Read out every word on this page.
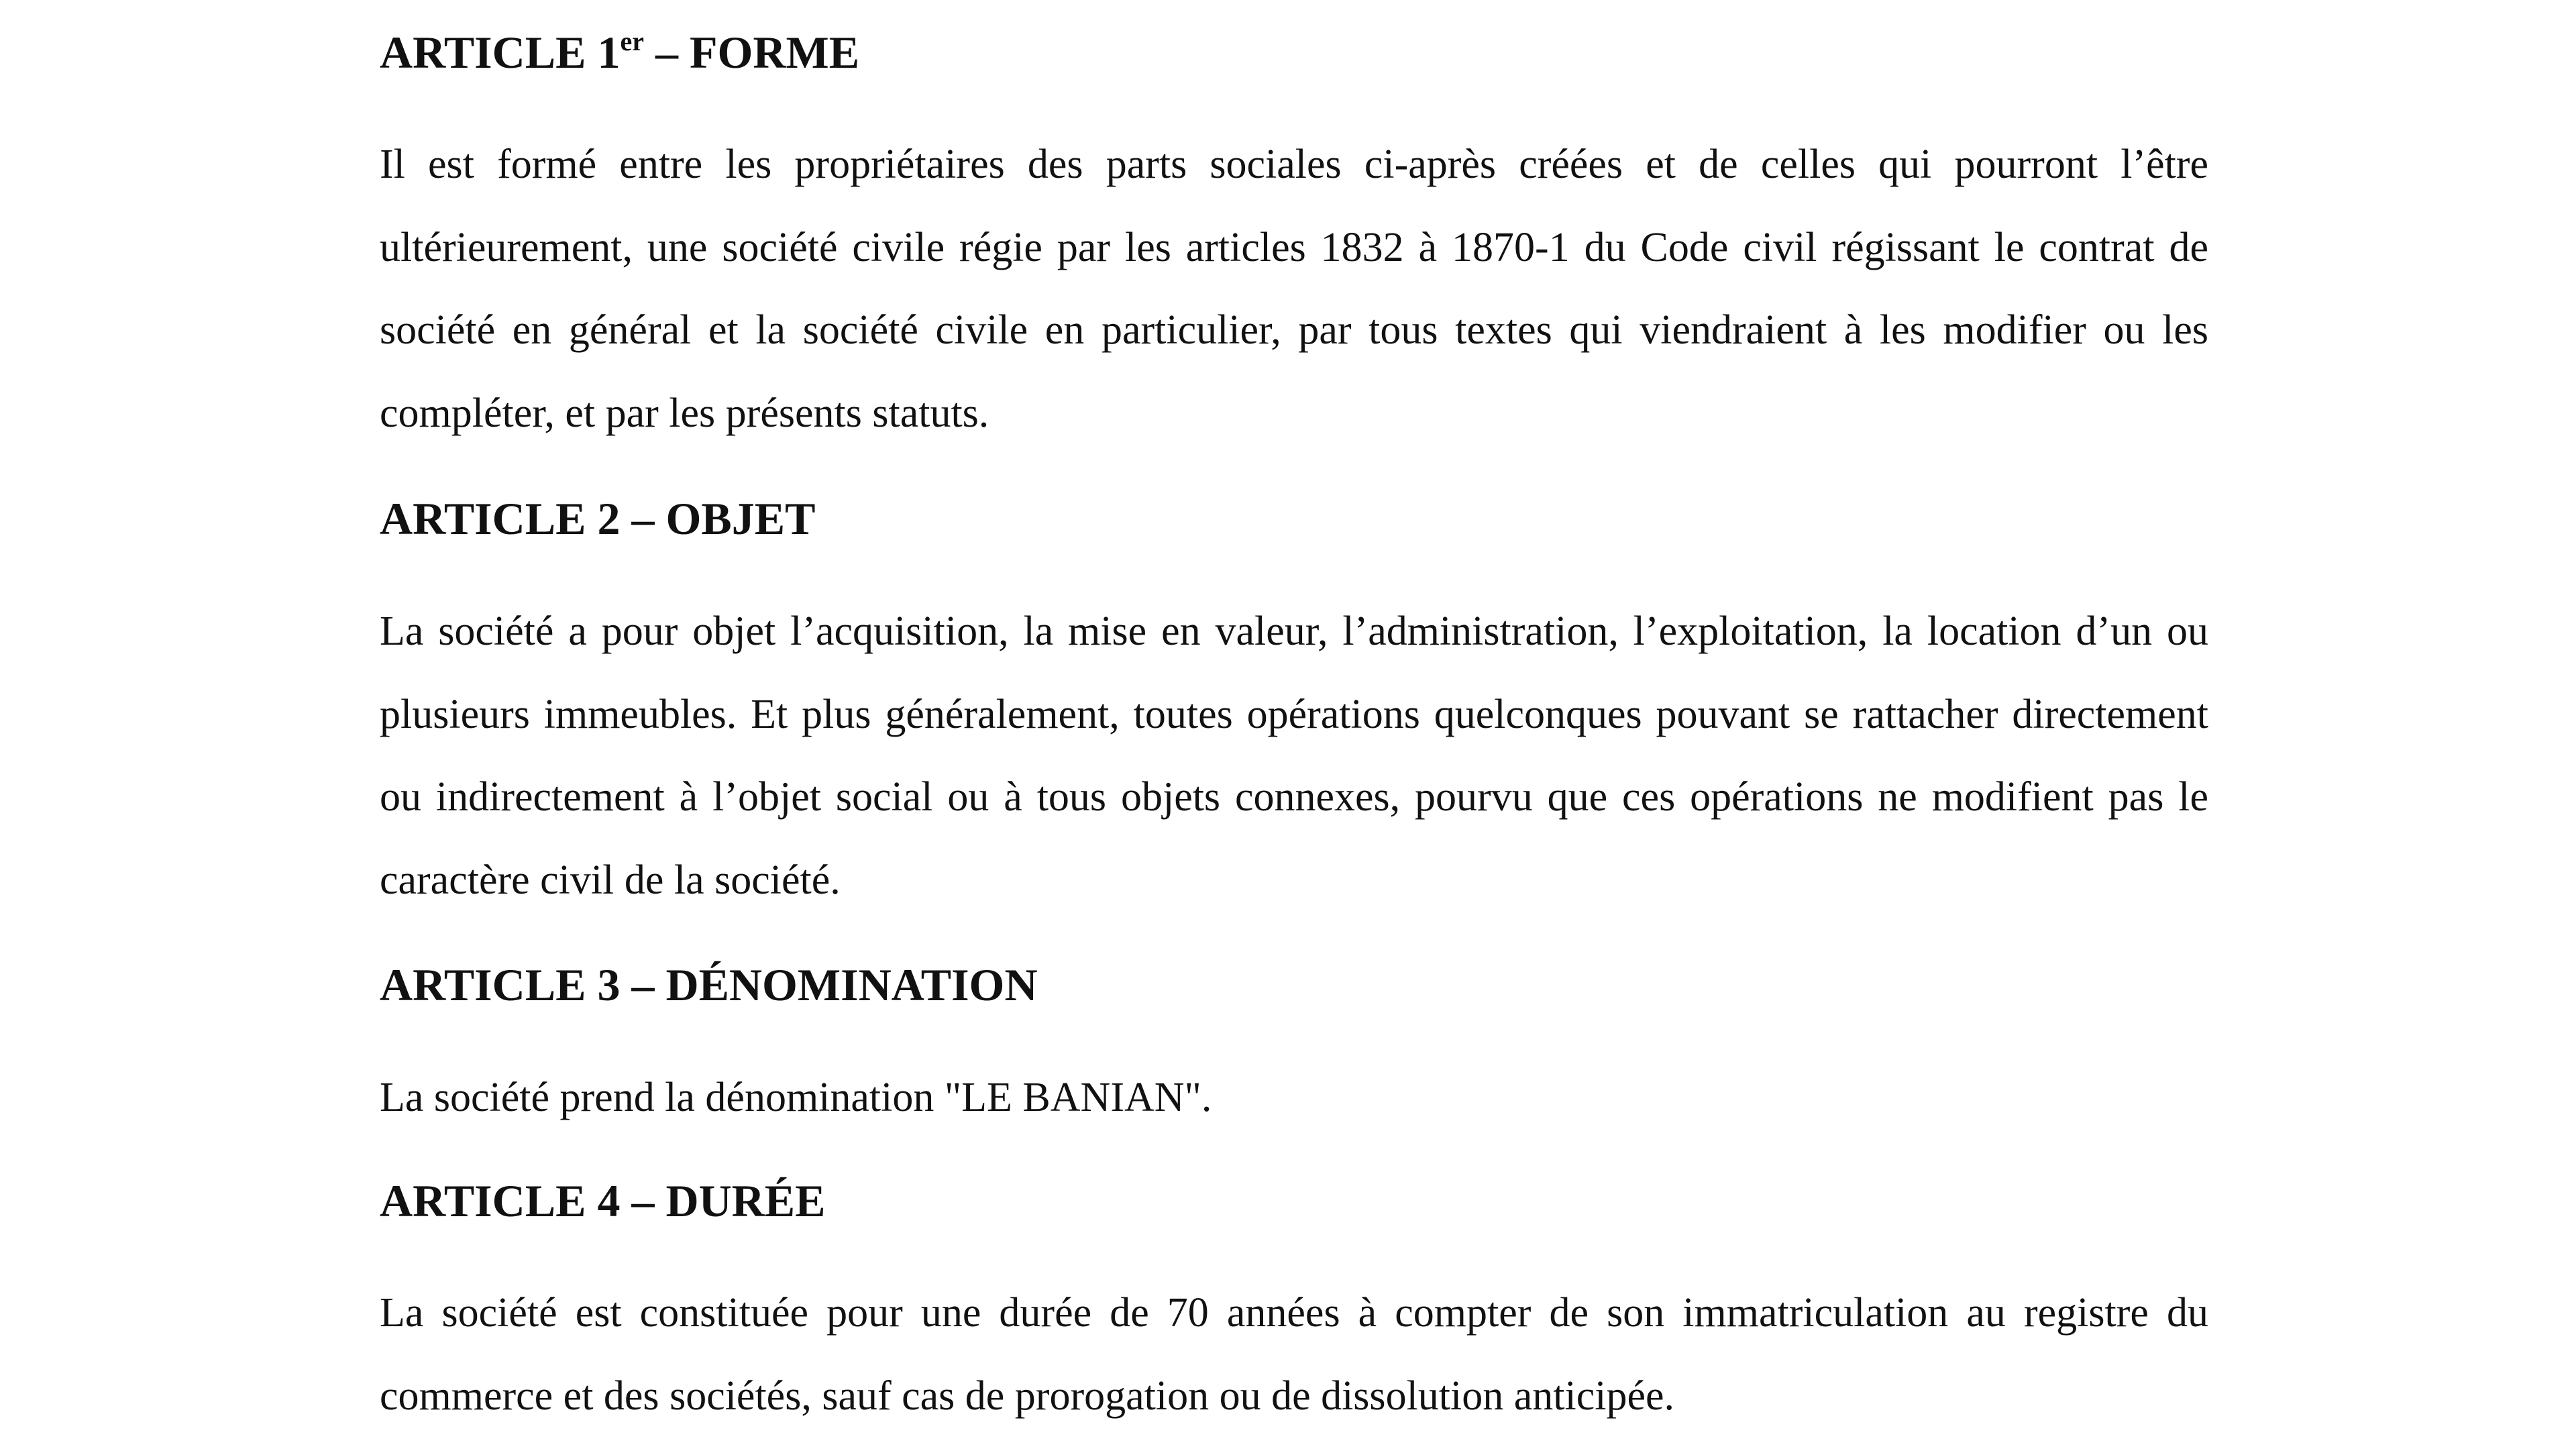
ARTICLE 1er – FORME

Il est formé entre les propriétaires des parts sociales ci-après créées et de celles qui pourront l’être ultérieurement, une société civile régie par les articles 1832 à 1870-1 du Code civil régissant le contrat de société en général et la société civile en particulier, par tous textes qui viendraient à les modifier ou les compléter, et par les présents statuts.

ARTICLE 2 – OBJET

La société a pour objet l’acquisition, la mise en valeur, l’administration, l’exploitation, la location d’un ou plusieurs immeubles. Et plus généralement, toutes opérations quelconques pouvant se rattacher directement ou indirectement à l’objet social ou à tous objets connexes, pourvu que ces opérations ne modifient pas le caractère civil de la société.

ARTICLE 3 – DÉNOMINATION

La société prend la dénomination "LE BANIAN".

ARTICLE 4 – DURÉE

La société est constituée pour une durée de 70 années à compter de son immatriculation au registre du commerce et des sociétés, sauf cas de prorogation ou de dissolution anticipée.
